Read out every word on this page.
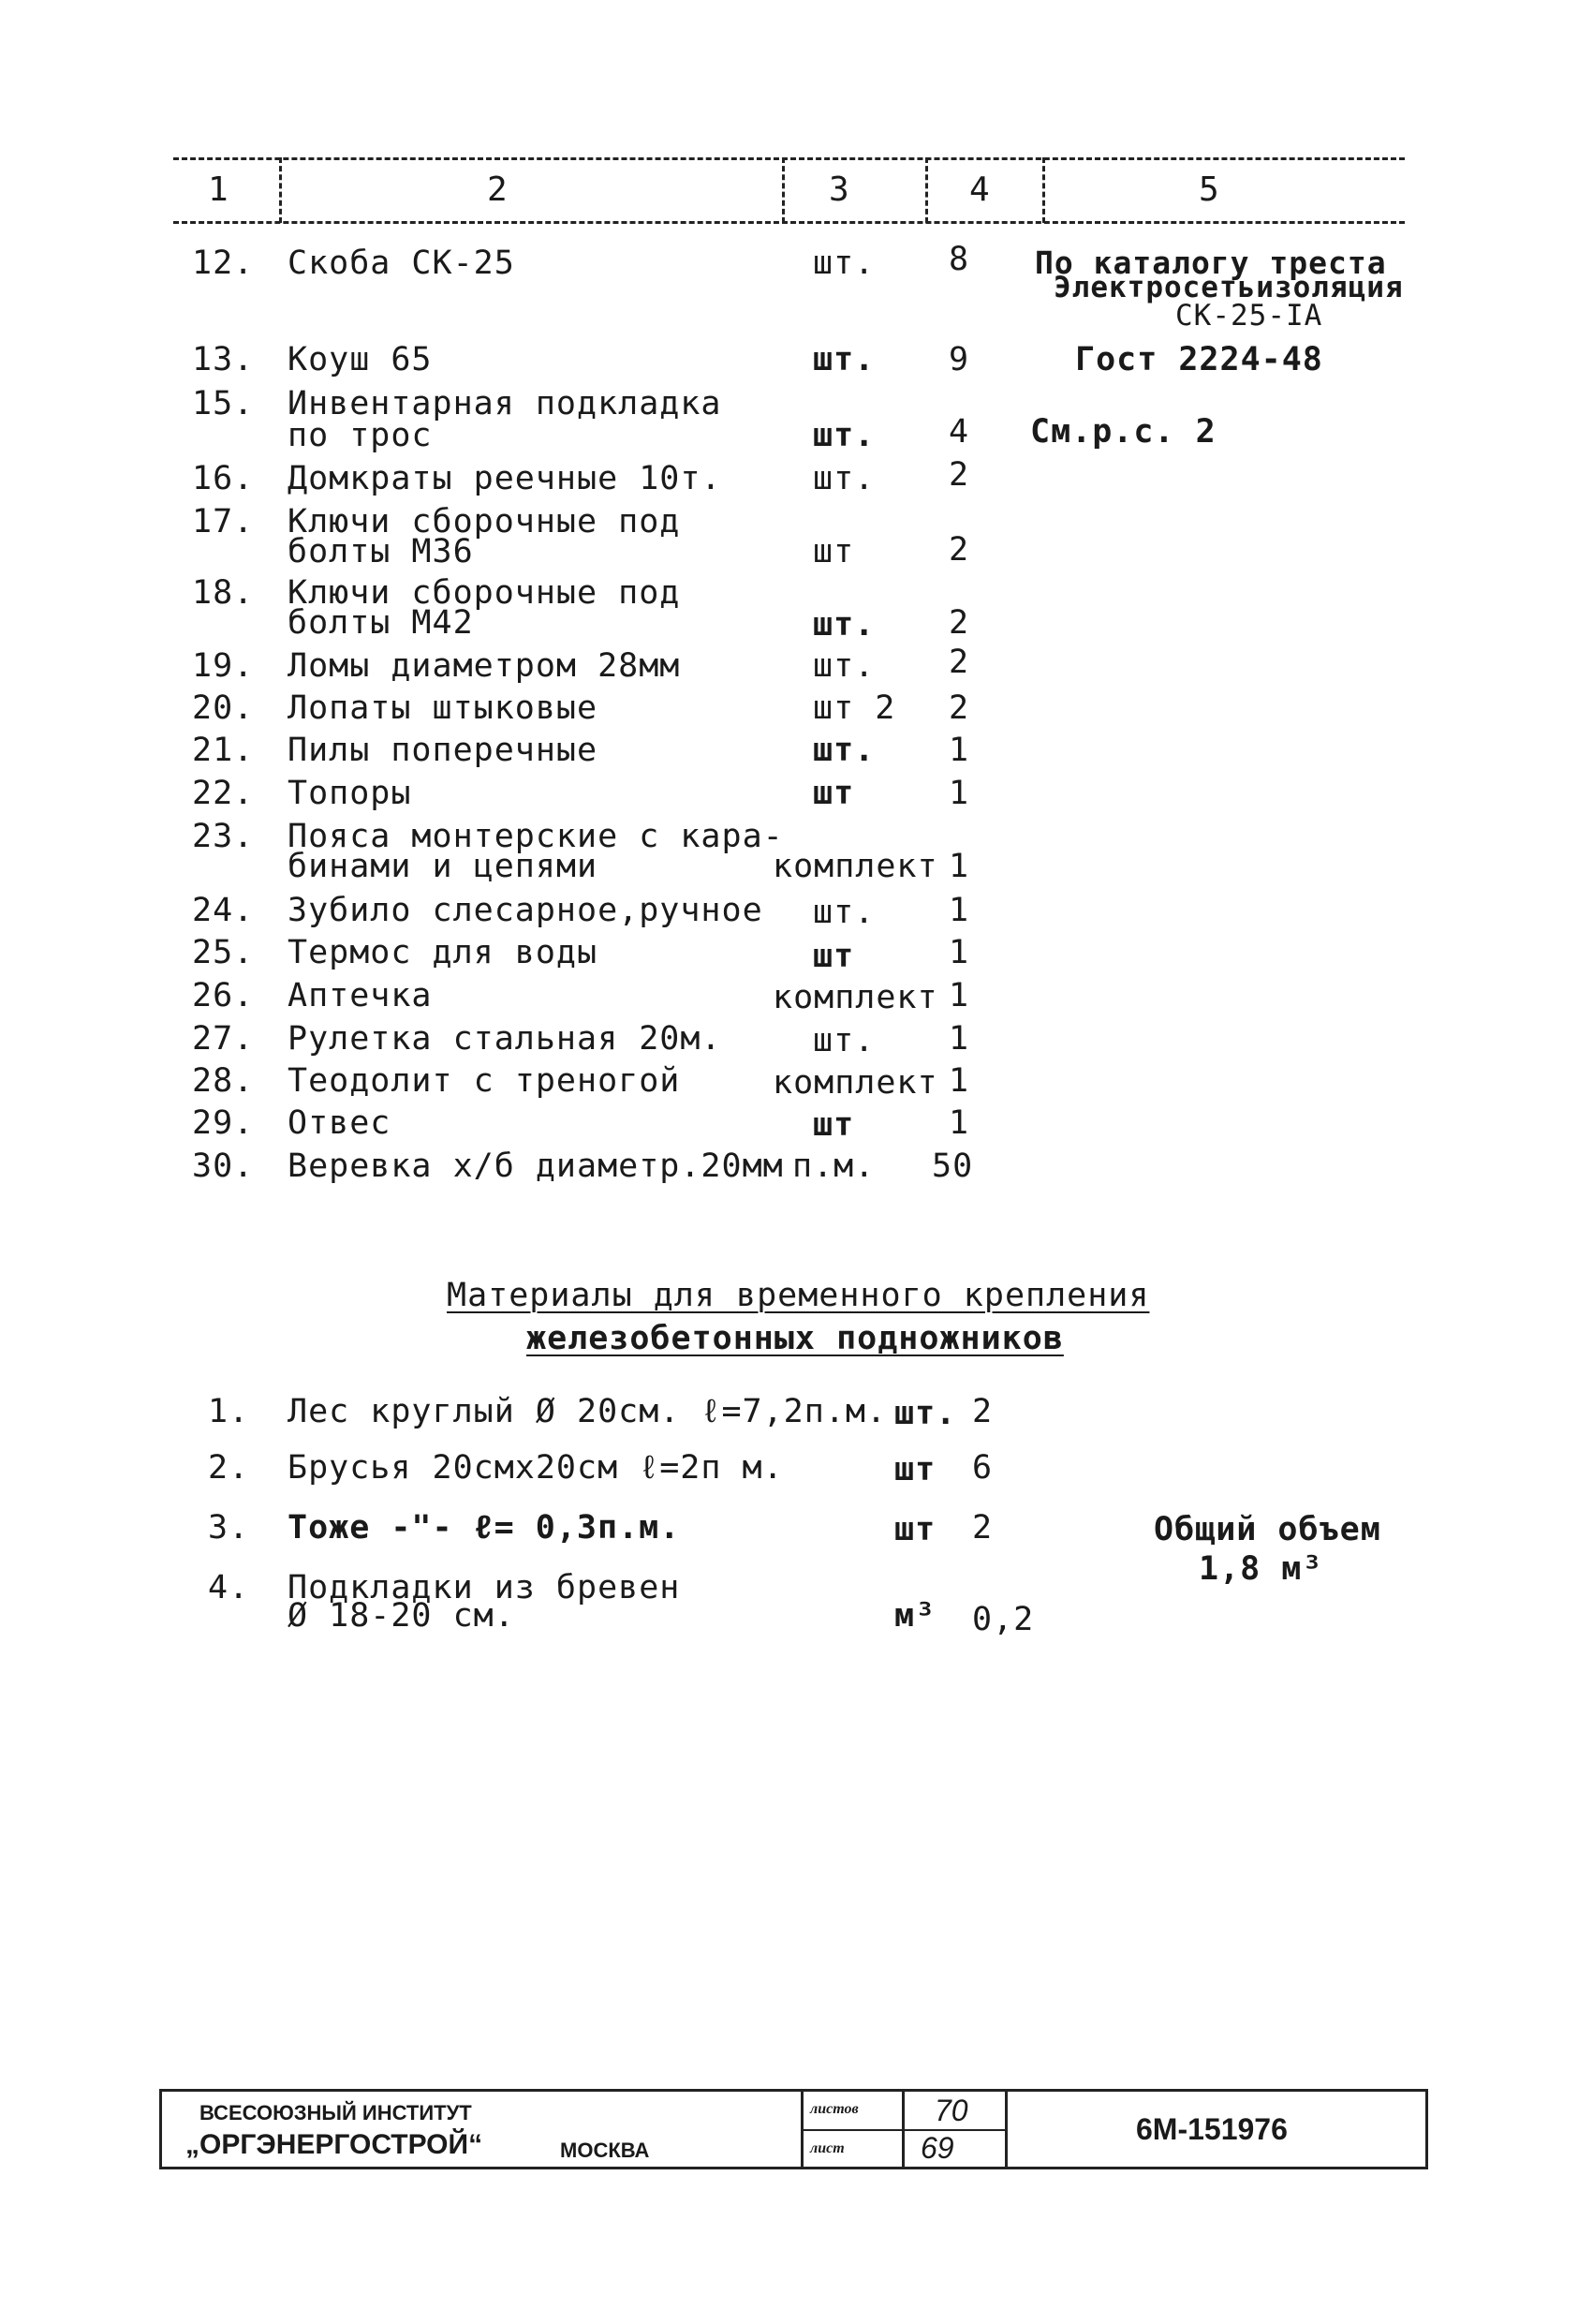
1	2	3	4	5
12. Скоба СК-25	шт. 8 По каталогу треста
Электросетьизоляция
СК-25-IА
13. Коуш 65	шт. 9	Гост 2224-48
15. Инвентарная подкладка
по трос	шт. 4 См.р.с. 2
16. Домкраты реечные 10т.	шт. 2
17. Ключи сборочные под
болты М36	шт	2
18. Ключи сборочные под
болты М42	шт. 2
19. Ломы диаметром 28мм	шт. 2
20. Лопаты штыковые	шт 2 2
21. Пилы поперечные	шт. 1
22. Топоры	шт	1
23. Пояса монтерские с кара-
бинами и цепями	комплект 1
24. Зубило слесарное,ручное шт. 1
25. Термос для воды	шт	1
26. Аптечка	комплект 1
27. Рулетка стальная 20м.	шт. 1
28. Теодолит с треногой	комплект 1
29. Отвес	шт	1
30. Веревка х/б диаметр.20мм п.м. 50
Материалы для временного крепления
железобетонных подножников
1. Лес круглый Ø 20см. ℓ=7,2п.м. шт. 2
2. Брусья 20смх20см ℓ=2п м.	шт 6
3. Тоже -"- ℓ= 0,3п.м.	шт 2
4. Подкладки из бревен
Ø 18-20 см.	м³ 0,2
Общий объем
1,8 м³
ВСЕСОЮЗНЫЙ ИНСТИТУТ
„ОРГЭНЕРГОСТРОЙ“	МОСКВА
листов	70
лист	69
6М-151976
